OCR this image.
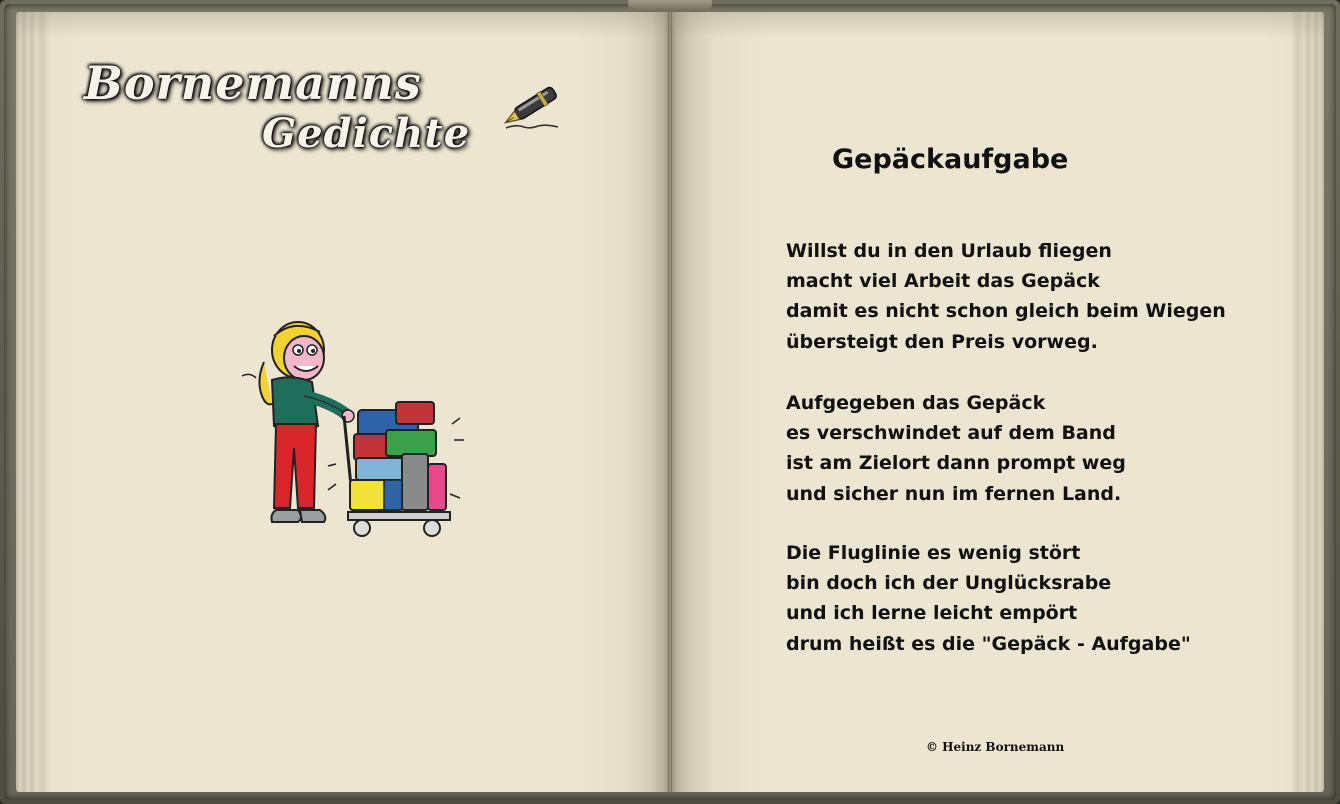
Bornemanns
Gedichte
Gepäckaufgabe
Willst du in den Urlaub fliegen
macht viel Arbeit das Gepäck
damit es nicht schon gleich beim Wiegen
übersteigt den Preis vorweg.
Aufgegeben das Gepäck
es verschwindet auf dem Band
ist am Zielort dann prompt weg
und sicher nun im fernen Land.
Die Fluglinie es wenig stört
bin doch ich der Unglücksrabe
und ich lerne leicht empört
drum heißt es die "Gepäck - Aufgabe"
© Heinz Bornemann
